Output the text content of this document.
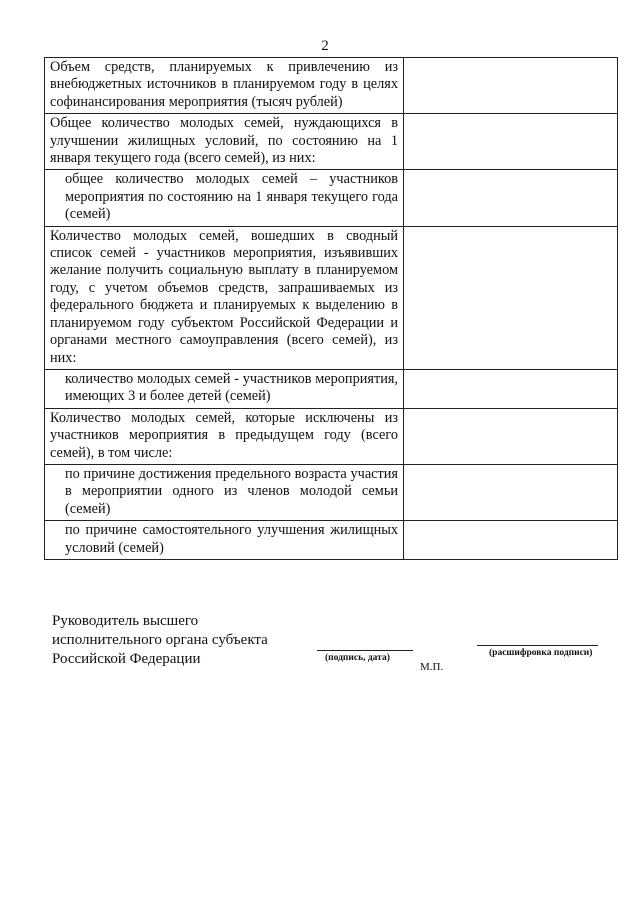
2
Объем средств, планируемых к привлечению из внебюджетных источников в планируемом году в целях софинансирования мероприятия (тысяч рублей)	
Общее количество молодых семей, нуждающихся в улучшении жилищных условий, по состоянию на 1 января текущего года (всего семей), из них:	
общее количество молодых семей – участников мероприятия по состоянию на 1 января текущего года (семей)	
Количество молодых семей, вошедших в сводный список семей - участников мероприятия, изъявивших желание получить социальную выплату в планируемом году, с учетом объемов средств, запрашиваемых из федерального бюджета и планируемых к выделению в планируемом году субъектом Российской Федерации и органами местного самоуправления (всего семей), из них:	
количество молодых семей - участников мероприятия, имеющих 3 и более детей (семей)	
Количество молодых семей, которые исключены из участников мероприятия в предыдущем году (всего семей), в том числе:	
по причине достижения предельного возраста участия в мероприятии одного из членов молодой семьи (семей)	
по причине самостоятельного улучшения жилищных условий (семей)	
Руководитель высшего
исполнительного органа субъекта
Российской Федерации	(подпись, дата)	(расшифровка подписи)
М.П.
